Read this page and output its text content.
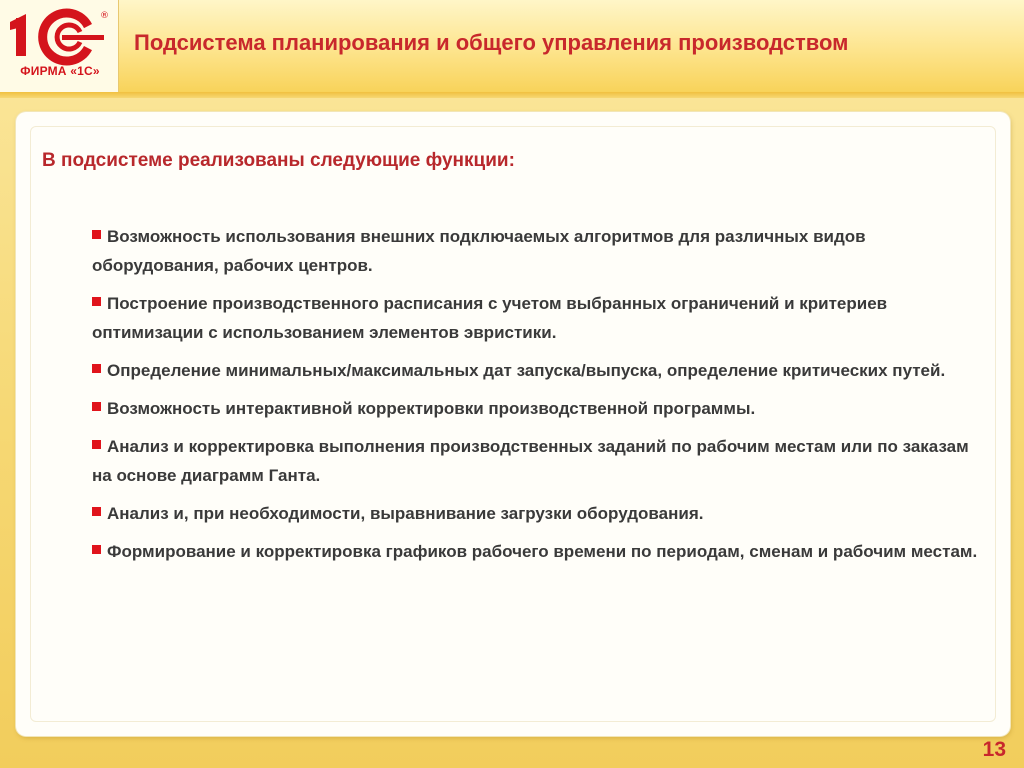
®
ФИРМА «1С»
Подсистема планирования и общего управления производством
В подсистеме реализованы следующие функции:
Возможность использования внешних подключаемых алгоритмов для различных видов оборудования, рабочих центров.
Построение производственного расписания с учетом выбранных ограничений и критериев оптимизации с использованием элементов эвристики.
Определение минимальных/максимальных дат запуска/выпуска, определение критических путей.
Возможность интерактивной корректировки производственной программы.
Анализ и корректировка выполнения производственных заданий по рабочим местам или по заказам на основе диаграмм Ганта.
Анализ и, при необходимости, выравнивание загрузки оборудования.
Формирование и корректировка графиков рабочего времени по периодам, сменам и рабочим местам.
13
